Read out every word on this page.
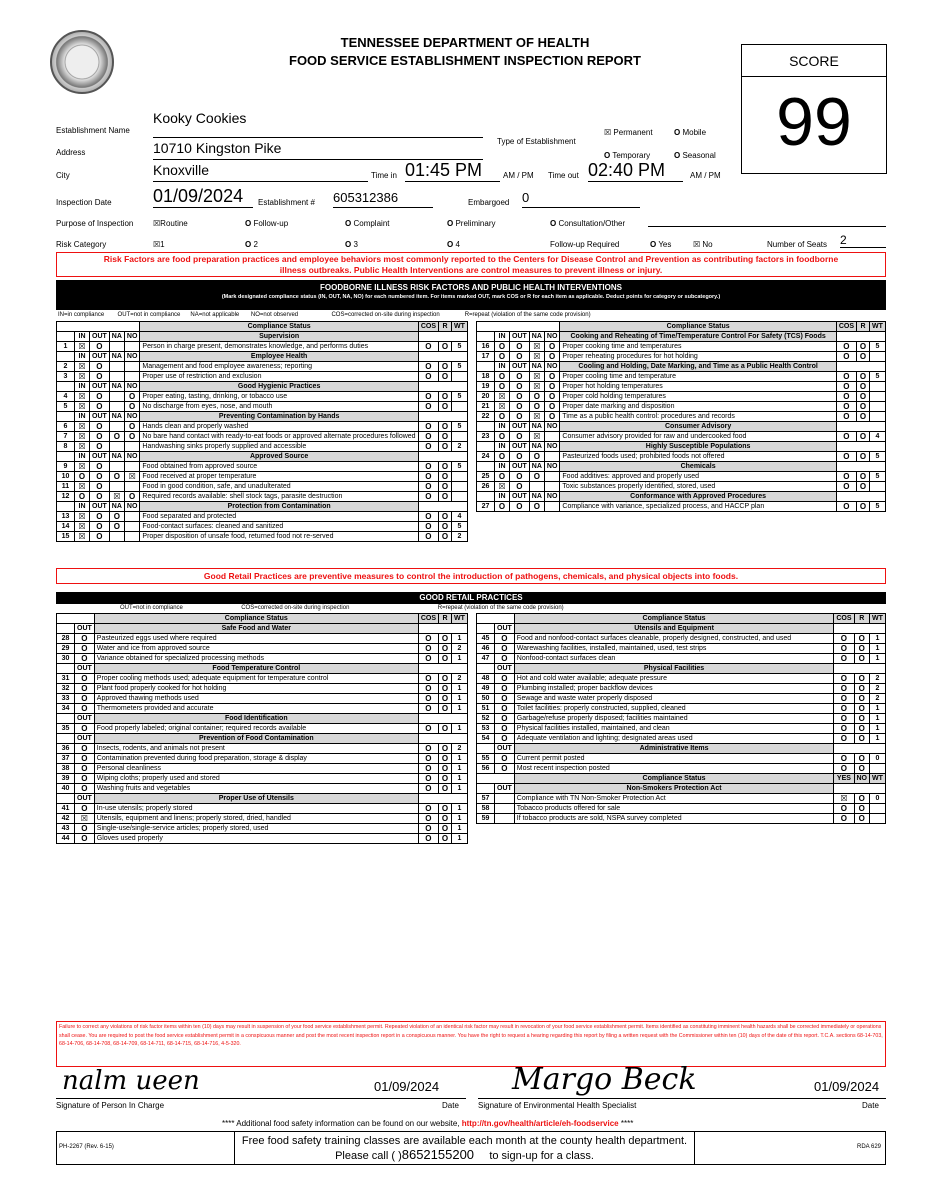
TENNESSEE DEPARTMENT OF HEALTH
FOOD SERVICE ESTABLISHMENT INSPECTION REPORT	SCORE
99
Establishment Name
Kooky Cookies
Address	10710 Kingston Pike
City	Knoxville	Time in 01:45 PM	AM / PM Time out 02:40 PM	AM / PM
Inspection Date 01/09/2024	Establishment # 605312386	Embargoed 0
Type of Establishment
☒ Permanent	O Mobile
O Temporary	O Seasonal
Purpose of Inspection ☒Routine	O Follow-up	O Complaint	O Preliminary	O Consultation/Other
Risk Category	☒1	O 2	O 3	O 4	Follow-up Required	O Yes	☒ No	Number of Seats 2
Risk Factors are food preparation practices and employee behaviors most commonly reported to the Centers for Disease Control and Prevention as contributing factors in foodborne illness outbreaks. Public Health Interventions are control measures to prevent illness or injury.
FOODBORNE ILLNESS RISK FACTORS AND PUBLIC HEALTH INTERVENTIONS
(Mark designated compliance status (IN, OUT, NA, NO) for each numbered item. For items marked OUT, mark COS or R for each item as applicable. Deduct points for category or subcategory.)
IN=in compliance        OUT=not in compliance      NA=not applicable       NO=not observed                    COS=corrected on-site during inspection               R=repeat (violation of the same code provision)
					Compliance Status	COS	R	WT
	IN	OUT	NA	NO	Supervision			
1	☒	O			Person in charge present, demonstrates knowledge, and performs duties	O	O	5
	IN	OUT	NA	NO	Employee Health			
2	☒	O			Management and food employee awareness; reporting	O	O	5
3	☒	O			Proper use of restriction and exclusion	O	O	
	IN	OUT	NA	NO	Good Hygienic Practices			
4	☒	O		O	Proper eating, tasting, drinking, or tobacco use	O	O	5
5	☒	O		O	No discharge from eyes, nose, and mouth	O	O	
	IN	OUT	NA	NO	Preventing Contamination by Hands			
6	☒	O		O	Hands clean and properly washed	O	O	5
7	☒	O	O	O	No bare hand contact with ready-to-eat foods or approved alternate procedures followed	O	O	
8	☒	O			Handwashing sinks properly supplied and accessible	O	O	2
	IN	OUT	NA	NO	Approved Source			
9	☒	O			Food obtained from approved source	O	O	5
10	O	O	O	☒	Food received at proper temperature	O	O	
11	☒	O			Food in good condition, safe, and unadulterated	O	O	
12	O	O	☒	O	Required records available: shell stock tags, parasite destruction	O	O	
	IN	OUT	NA	NO	Protection from Contamination			
13	☒	O	O		Food separated and protected	O	O	4
14	☒	O	O		Food-contact surfaces: cleaned and sanitized	O	O	5
15	☒	O			Proper disposition of unsafe food, returned food not re-served	O	O	2
					Compliance Status	COS	R	WT
	IN	OUT	NA	NO	Cooking and Reheating of Time/Temperature Control For Safety (TCS) Foods			
16	O	O	☒	O	Proper cooking time and temperatures	O	O	5
17	O	O	☒	O	Proper reheating procedures for hot holding	O	O	
	IN	OUT	NA	NO	Cooling and Holding, Date Marking, and Time as a Public Health Control			
18	O	O	☒	O	Proper cooling time and temperature	O	O	5
19	O	O	☒	O	Proper hot holding temperatures	O	O	
20	☒	O	O	O	Proper cold holding temperatures	O	O	
21	☒	O	O	O	Proper date marking and disposition	O	O	
22	O	O	☒	O	Time as a public health control: procedures and records	O	O	
	IN	OUT	NA	NO	Consumer Advisory			
23	O	O	☒		Consumer advisory provided for raw and undercooked food	O	O	4
	IN	OUT	NA	NO	Highly Susceptible Populations			
24	O	O	O		Pasteurized foods used; prohibited foods not offered	O	O	5
	IN	OUT	NA	NO	Chemicals			
25	O	O	O		Food additives: approved and properly used	O	O	5
26	☒	O			Toxic substances properly identified, stored, used	O	O	
	IN	OUT	NA	NO	Conformance with Approved Procedures			
27	O	O	O		Compliance with variance, specialized process, and HACCP plan	O	O	5
Good Retail Practices are preventive measures to control the introduction of pathogens, chemicals, and physical objects into foods.
GOOD RETAIL PRACTICES
OUT=not in compliance                                   COS=corrected on-site during inspection                                                     R=repeat (violation of the same code provision)
		Compliance Status	COS	R	WT
	OUT	Safe Food and Water			
28	O	Pasteurized eggs used where required	O	O	1
29	O	Water and ice from approved source	O	O	2
30	O	Variance obtained for specialized processing methods	O	O	1
	OUT	Food Temperature Control			
31	O	Proper cooling methods used; adequate equipment for temperature control	O	O	2
32	O	Plant food properly cooked for hot holding	O	O	1
33	O	Approved thawing methods used	O	O	1
34	O	Thermometers provided and accurate	O	O	1
	OUT	Food Identification			
35	O	Food properly labeled; original container; required records available	O	O	1
	OUT	Prevention of Food Contamination			
36	O	Insects, rodents, and animals not present	O	O	2
37	O	Contamination prevented during food preparation, storage & display	O	O	1
38	O	Personal cleanliness	O	O	1
39	O	Wiping cloths; properly used and stored	O	O	1
40	O	Washing fruits and vegetables	O	O	1
	OUT	Proper Use of Utensils			
41	O	In-use utensils; properly stored	O	O	1
42	☒	Utensils, equipment and linens; properly stored, dried, handled	O	O	1
43	O	Single-use/single-service articles; properly stored, used	O	O	1
44	O	Gloves used properly	O	O	1
		Compliance Status	COS	R	WT
	OUT	Utensils and Equipment			
45	O	Food and nonfood-contact surfaces cleanable, properly designed, constructed, and used	O	O	1
46	O	Warewashing facilities, installed, maintained, used, test strips	O	O	1
47	O	Nonfood-contact surfaces clean	O	O	1
	OUT	Physical Facilities			
48	O	Hot and cold water available; adequate pressure	O	O	2
49	O	Plumbing installed; proper backflow devices	O	O	2
50	O	Sewage and waste water properly disposed	O	O	2
51	O	Toilet facilities: properly constructed, supplied, cleaned	O	O	1
52	O	Garbage/refuse properly disposed; facilities maintained	O	O	1
53	O	Physical facilities installed, maintained, and clean	O	O	1
54	O	Adequate ventilation and lighting; designated areas used	O	O	1
	OUT	Administrative Items			
55	O	Current permit posted	O	O	0
56	O	Most recent inspection posted	O	O	
		Compliance Status	YES	NO	WT
	OUT	Non-Smokers Protection Act			
57		Compliance with TN Non-Smoker Protection Act	☒	O	0
58		Tobacco products offered for sale	O	O	
59		If tobacco products are sold, NSPA survey completed	O	O	
Failure to correct any violations of risk factor items within ten (10) days may result in suspension of your food service establishment permit. Repeated violation of an identical risk factor may result in revocation of your food service establishment permit. Items identified as constituting imminent health hazards shall be corrected immediately or operations shall cease. You are required to post the food service establishment permit in a conspicuous manner and post the most recent inspection report in a conspicuous manner. You have the right to request a hearing regarding this report by filing a written request with the Commissioner within ten (10) days of the date of this report. T.C.A. sections 68-14-703, 68-14-706, 68-14-708, 68-14-709, 68-14-711, 68-14-715, 68-14-716, 4-5-320.
nalm ueen	01/09/2024
Signature of Person In Charge	Date
Margo Beck	01/09/2024
Signature of Environmental Health Specialist	Date
**** Additional food safety information can be found on our website, http://tn.gov/health/article/eh-foodservice ****
PH-2267 (Rev. 6-15)	Free food safety training classes are available each month at the county health department.
Please call ( )8652155200 to sign-up for a class.
RDA 629
